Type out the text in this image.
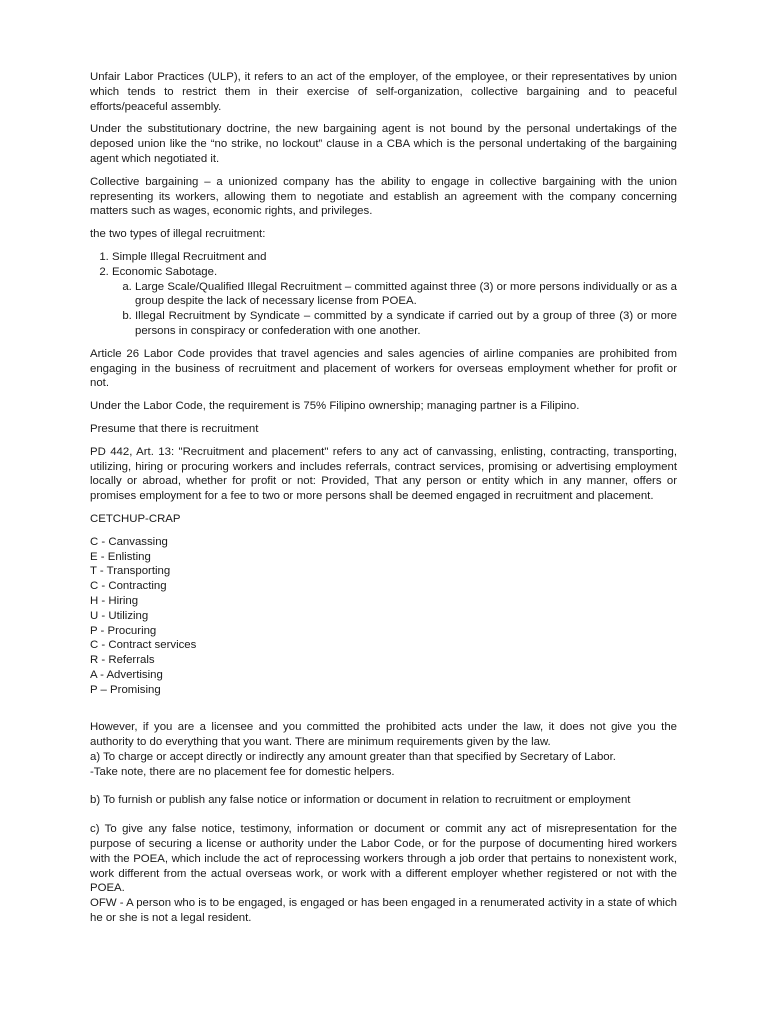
Unfair Labor Practices (ULP), it refers to an act of the employer, of the employee, or their representatives by union which tends to restrict them in their exercise of self-organization, collective bargaining and to peaceful efforts/peaceful assembly.

Under the substitutionary doctrine, the new bargaining agent is not bound by the personal undertakings of the deposed union like the “no strike, no lockout” clause in a CBA which is the personal undertaking of the bargaining agent which negotiated it.

Collective bargaining – a unionized company has the ability to engage in collective bargaining with the union representing its workers, allowing them to negotiate and establish an agreement with the company concerning matters such as wages, economic rights, and privileges.

the two types of illegal recruitment:

1. Simple Illegal Recruitment and
2. Economic Sabotage.
a. Large Scale/Qualified Illegal Recruitment – committed against three (3) or more persons individually or as a group despite the lack of necessary license from POEA.
b. Illegal Recruitment by Syndicate – committed by a syndicate if carried out by a group of three (3) or more persons in conspiracy or confederation with one another.

Article 26 Labor Code provides that travel agencies and sales agencies of airline companies are prohibited from engaging in the business of recruitment and placement of workers for overseas employment whether for profit or not.

Under the Labor Code, the requirement is 75% Filipino ownership; managing partner is a Filipino.

Presume that there is recruitment

PD 442, Art. 13: "Recruitment and placement" refers to any act of canvassing, enlisting, contracting, transporting, utilizing, hiring or procuring workers and includes referrals, contract services, promising or advertising employment locally or abroad, whether for profit or not: Provided, That any person or entity which in any manner, offers or promises employment for a fee to two or more persons shall be deemed engaged in recruitment and placement.

CETCHUP-CRAP

C - Canvassing
E - Enlisting
T - Transporting
C - Contracting
H - Hiring
U - Utilizing
P - Procuring
C - Contract services
R - Referrals
A - Advertising
P – Promising

However, if you are a licensee and you committed the prohibited acts under the law, it does not give you the authority to do everything that you want. There are minimum requirements given by the law.

a) To charge or accept directly or indirectly any amount greater than that specified by Secretary of Labor.

-Take note, there are no placement fee for domestic helpers.

b) To furnish or publish any false notice or information or document in relation to recruitment or employment

c) To give any false notice, testimony, information or document or commit any act of misrepresentation for the purpose of securing a license or authority under the Labor Code, or for the purpose of documenting hired workers with the POEA, which include the act of reprocessing workers through a job order that pertains to nonexistent work, work different from the actual overseas work, or work with a different employer whether registered or not with the POEA.

OFW - A person who is to be engaged, is engaged or has been engaged in a renumerated activity in a state of which he or she is not a legal resident.
